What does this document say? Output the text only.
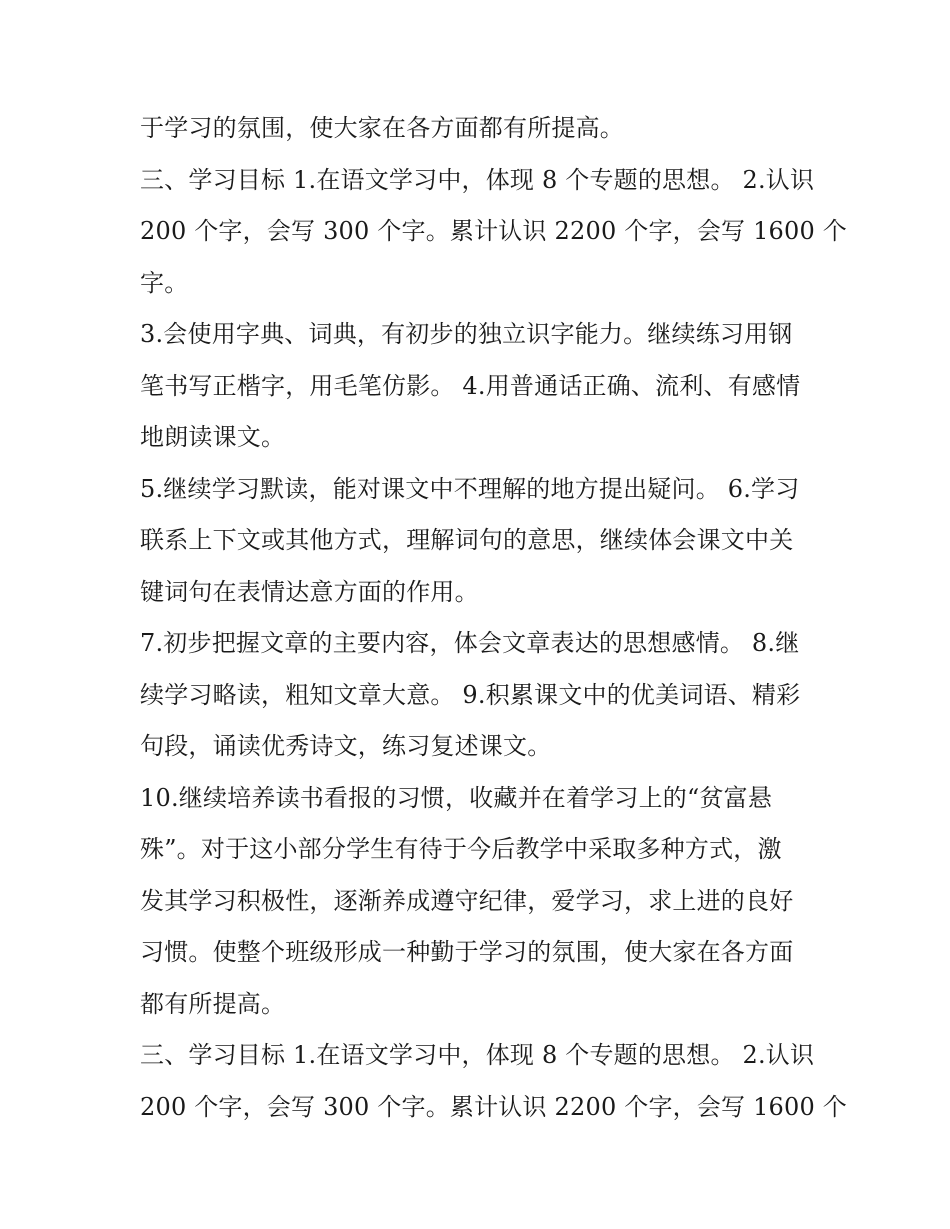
于学习的氛围，使大家在各方面都有所提高。
三、学习目标 1.在语文学习中，体现 8 个专题的思想。 2.认识
200 个字，会写 300 个字。累计认识 2200 个字，会写 1600 个
字。
3.会使用字典、词典，有初步的独立识字能力。继续练习用钢
笔书写正楷字，用毛笔仿影。 4.用普通话正确、流利、有感情
地朗读课文。
5.继续学习默读，能对课文中不理解的地方提出疑问。 6.学习
联系上下文或其他方式，理解词句的意思，继续体会课文中关
键词句在表情达意方面的作用。
7.初步把握文章的主要内容，体会文章表达的思想感情。 8.继
续学习略读，粗知文章大意。 9.积累课文中的优美词语、精彩
句段，诵读优秀诗文，练习复述课文。
10.继续培养读书看报的习惯，收藏并在着学习上的“贫富悬
殊”。对于这小部分学生有待于今后教学中采取多种方式，激
发其学习积极性，逐渐养成遵守纪律，爱学习，求上进的良好
习惯。使整个班级形成一种勤于学习的氛围，使大家在各方面
都有所提高。
三、学习目标 1.在语文学习中，体现 8 个专题的思想。 2.认识
200 个字，会写 300 个字。累计认识 2200 个字，会写 1600 个
